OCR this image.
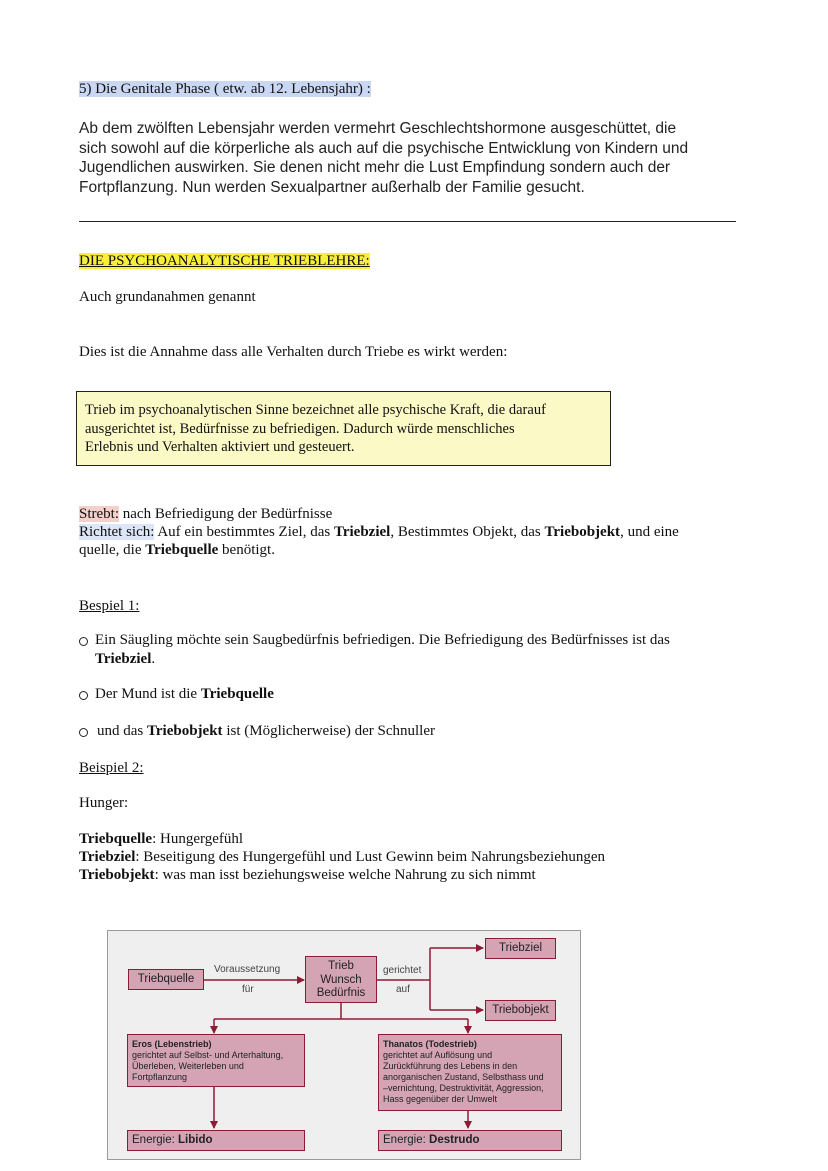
5) Die Genitale Phase ( etw. ab 12. Lebensjahr) :
Ab dem zwölften Lebensjahr werden vermehrt Geschlechtshormone ausgeschüttet, die
sich sowohl auf die körperliche als auch auf die psychische Entwicklung von Kindern und
Jugendlichen auswirken. Sie denen nicht mehr die Lust Empfindung sondern auch der
Fortpflanzung. Nun werden Sexualpartner außerhalb der Familie gesucht.
DIE PSYCHOANALYTISCHE TRIEBLEHRE:
Auch grundanahmen genannt
Dies ist die Annahme dass alle Verhalten durch Triebe es wirkt werden:
Trieb im psychoanalytischen Sinne bezeichnet alle psychische Kraft, die darauf
ausgerichtet ist, Bedürfnisse zu befriedigen. Dadurch würde menschliches
Erlebnis und Verhalten aktiviert und gesteuert.
Strebt: nach Befriedigung der Bedürfnisse
Richtet sich: Auf ein bestimmtes Ziel, das Triebziel, Bestimmtes Objekt, das Triebobjekt, und eine
quelle, die Triebquelle benötigt.
Bespiel 1:
Ein Säugling möchte sein Saugbedürfnis befriedigen. Die Befriedigung des Bedürfnisses ist das
Triebziel.
Der Mund ist die Triebquelle
und das Triebobjekt ist (Möglicherweise) der Schnuller
Beispiel 2:
Hunger:
Triebquelle: Hungergefühl
Triebziel: Beseitigung des Hungergefühl und Lust Gewinn beim Nahrungsbeziehungen
Triebobjekt: was man isst beziehungsweise welche Nahrung zu sich nimmt
Triebquelle
Voraussetzung
für
Trieb
Wunsch
Bedürfnis
gerichtet
auf
Triebziel
Triebobjekt
Eros (Lebenstrieb)
gerichtet auf Selbst- und Arterhaltung,
Überleben, Weiterleben und
Fortpflanzung
Thanatos (Todestrieb)
gerichtet auf Auflösung und
Zurückführung des Lebens in den
anorganischen Zustand, Selbsthass und
–vernichtung, Destruktivität, Aggression,
Hass gegenüber der Umwelt
Energie: Libido	Energie: Destrudo
